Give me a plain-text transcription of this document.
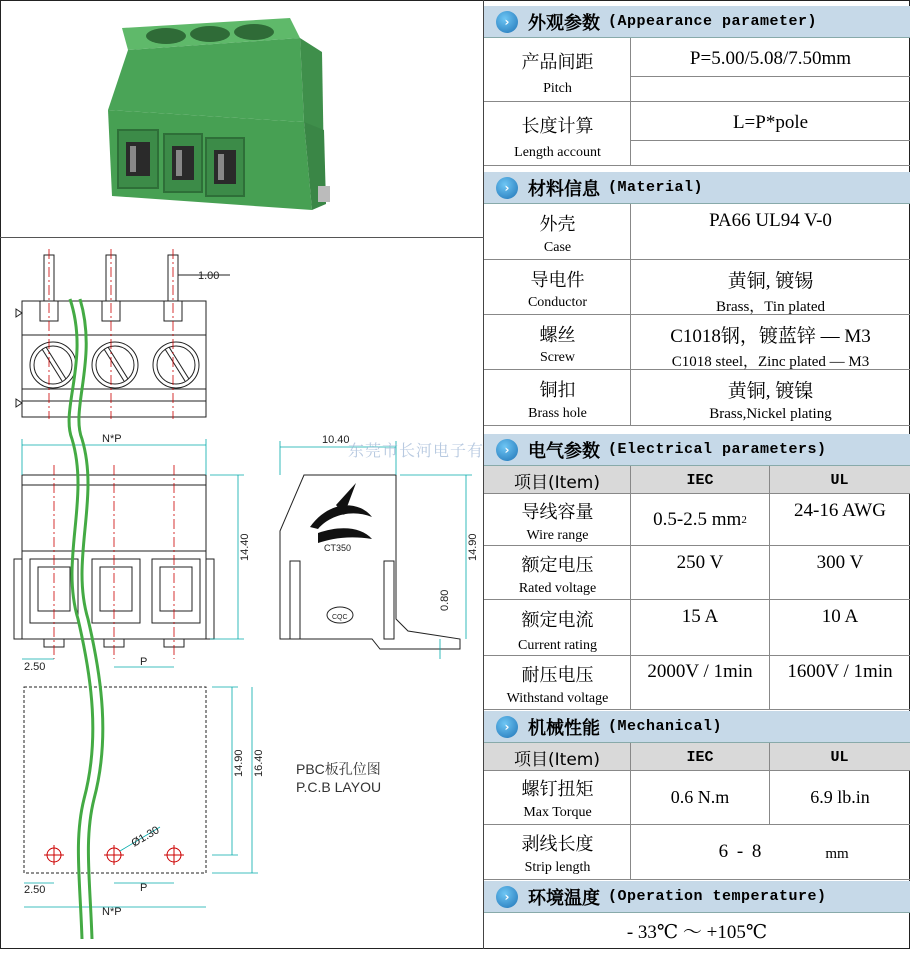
1.00
N*P
14.40
2.50	P
CQC
CT350
10.40
14.90
0.80
14.90 16.40
Ø1.30
2.50	P
N*P
PBC板孔位图
P.C.B LAYOU
›	外观参数 (Appearance parameter)
产品间距
Pitch
P=5.00/5.08/7.50mm
长度计算
Length account
L=P*pole
›	材料信息 (Material)
外壳
Case
PA66 UL94 V-0
导电件
Conductor
黄铜, 镀锡
Brass，Tin plated
螺丝
Screw
C1018钢，镀蓝锌 — M3
C1018 steel，Zinc plated — M3
铜扣
Brass hole
黄铜, 镀镍
Brass,Nickel plating
›	电气参数 (Electrical parameters)
项目(Item)	IEC	UL
导线容量
Wire range
0.5-2.5 mm 2	24-16 AWG
额定电压
Rated voltage
250 V	300 V
额定电流
Current rating
15 A	10 A
耐压电压
Withstand voltage
2000V / 1min	1600V / 1min
›	机械性能 (Mechanical)
项目(Item)	IEC	UL
螺钉扭矩
Max Torque
0.6 N.m	6.9 lb.in
剥线长度
Strip length
6 - 8	mm
›	环境温度 (Operation temperature)
- 33℃ ～ +105℃
东莞市长河电子有
